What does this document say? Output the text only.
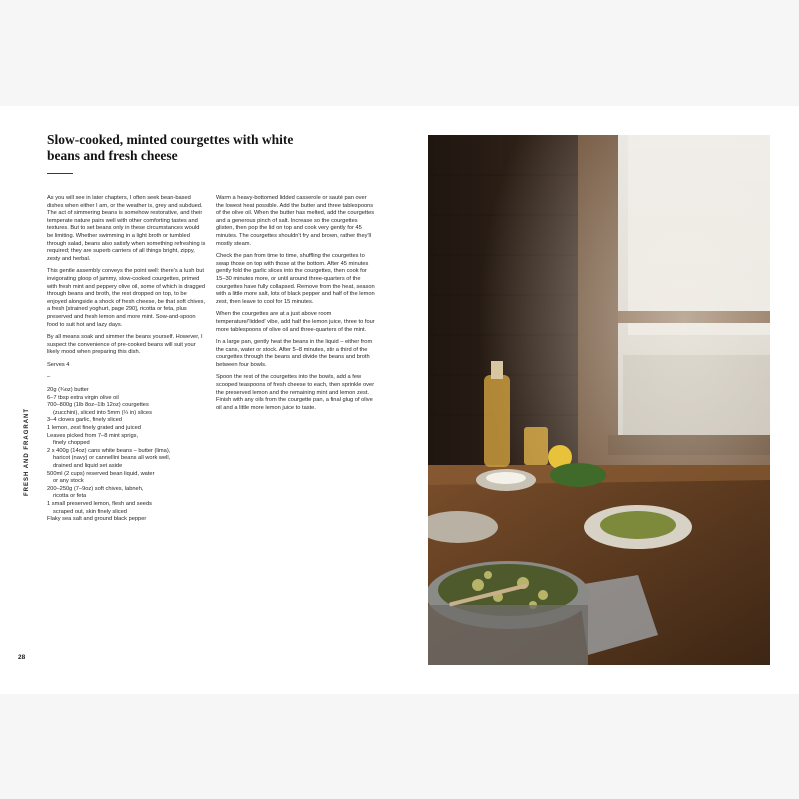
Slow-cooked, minted courgettes with white beans and fresh cheese
FRESH AND FRAGRANT
28

As you will see in later chapters, I often seek bean-based dishes when either I am, or the weather is, grey and subdued. The act of simmering beans is somehow restorative, and their temperate nature pairs well with other comforting tastes and textures. But to set beans only in these circumstances would be limiting. Whether swimming in a light broth or tumbled through salad, beans also satisfy when something refreshing is required; they are superb carriers of all things bright, zippy, zesty and herbal.

This gentle assembly conveys the point well: there's a lush but invigorating gloop of jammy, slow-cooked courgettes, primed with fresh mint and peppery olive oil, some of which is dragged through beans and broth, the rest dropped on top, to be enjoyed alongside a shock of fresh cheese, be that soft chives, a fresh [strained yoghurt, page 290], ricotta or feta, plus preserved and fresh lemon and more mint. Sow-and-spoon food to suit hot and lazy days.

By all means soak and simmer the beans yourself. However, I suspect the convenience of pre-cooked beans will suit your likely mood when preparing this dish.

Serves 4

–

20g (¾oz) butter
6–7 tbsp extra virgin olive oil
700–800g (1lb 8oz–1lb 12oz) courgettes
(zucchini), sliced into 5mm (¼ in) slices
3–4 cloves garlic, finely sliced
1 lemon, zest finely grated and juiced
Leaves picked from 7–8 mint sprigs,
finely chopped
2 x 400g (14oz) cans white beans – butter (lima),
haricot (navy) or cannellini beans all work well,
drained and liquid set aside
500ml (2 cups) reserved bean liquid, water
or any stock
200–250g (7–9oz) soft chives, labneh,
ricotta or feta
1 small preserved lemon, flesh and seeds
scraped out, skin finely sliced
Flaky sea salt and ground black pepper

Warm a heavy-bottomed lidded casserole or sauté pan over the lowest heat possible. Add the butter and three tablespoons of the olive oil. When the butter has melted, add the courgettes and a generous pinch of salt. Increase so the courgettes glisten, then pop the lid on top and cook very gently for 45 minutes. The courgettes shouldn't fry and brown, rather they'll mostly steam.

Check the pan from time to time, shuffling the courgettes to swap those on top with those at the bottom. After 45 minutes gently fold the garlic slices into the courgettes, then cook for 15–30 minutes more, or until around three-quarters of the courgettes have fully collapsed. Remove from the heat, season with a little more salt, lots of black pepper and half of the lemon zest, then leave to cool for 15 minutes.

When the courgettes are at a just above room temperature/'lidded' vibe, add half the lemon juice, three to four more tablespoons of olive oil and three-quarters of the mint.

In a large pan, gently heat the beans in the liquid – either from the cans, water or stock. After 5–8 minutes, stir a third of the courgettes through the beans and divide the beans and broth between four bowls.

Spoon the rest of the courgettes into the bowls, add a few scooped teaspoons of fresh cheese to each, then sprinkle over the preserved lemon and the remaining mint and lemon zest. Finish with any oils from the courgette pan, a final glug of olive oil and a little more lemon juice to taste.
